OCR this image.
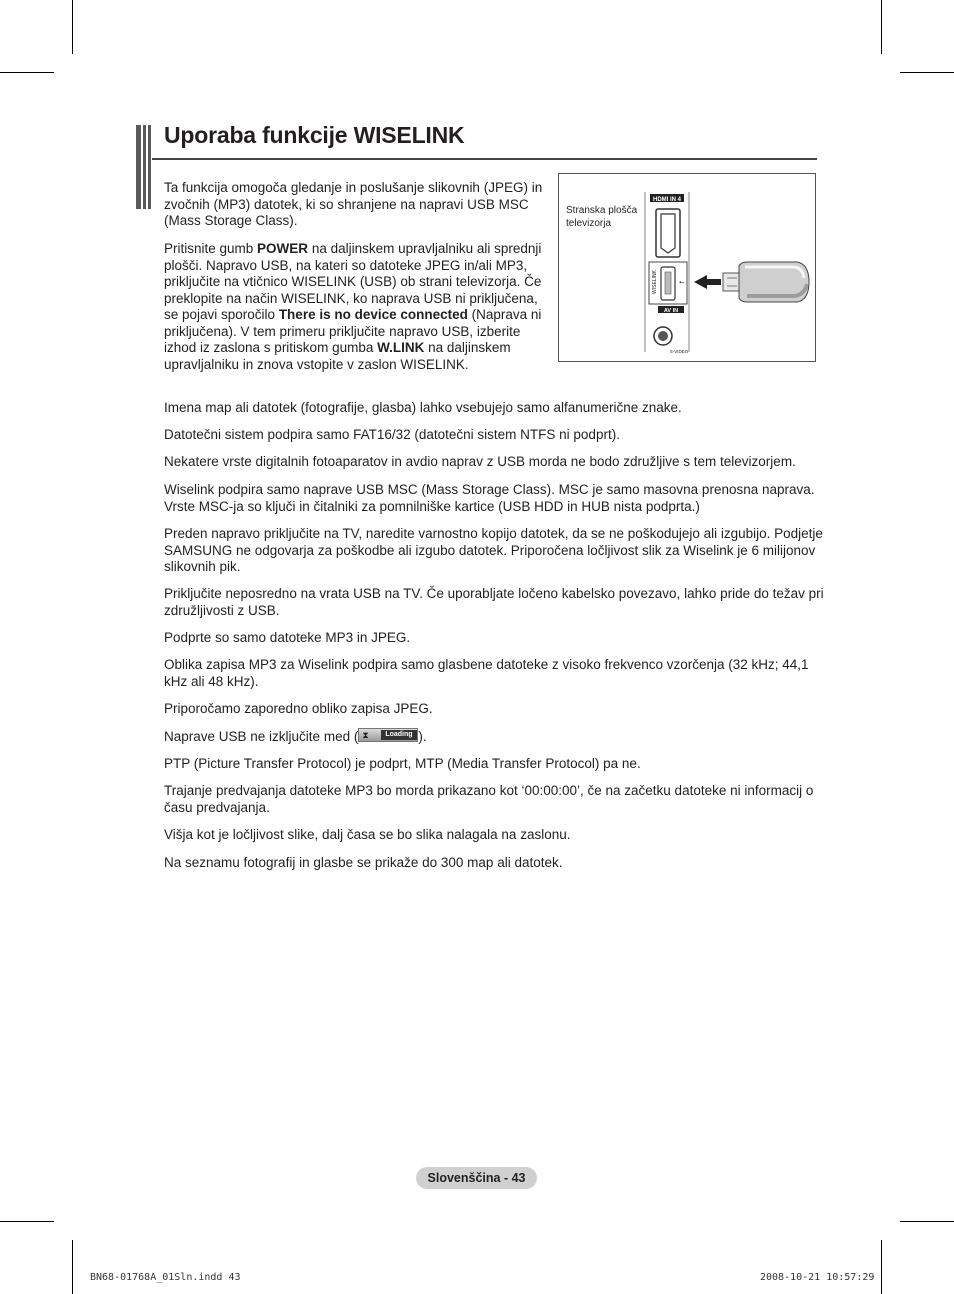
Uporaba funkcije WISELINK

Ta funkcija omogoča gledanje in poslušanje slikovnih (JPEG) in zvočnih (MP3) datotek, ki so shranjene na napravi USB MSC (Mass Storage Class).

Pritisnite gumb POWER na daljinskem upravljalniku ali sprednji plošči. Napravo USB, na kateri so datoteke JPEG in/ali MP3, priključite na vtičnico WISELINK (USB) ob strani televizorja. Če preklopite na način WISELINK, ko naprava USB ni priključena, se pojavi sporočilo There is no device connected (Naprava ni priključena). V tem primeru priključite napravo USB, izberite izhod iz zaslona s pritiskom gumba W.LINK na daljinskem upravljalniku in znova vstopite v zaslon WISELINK.

Stranska plošča televizorja
HDMI IN 4
WISELINK	⭠
AV IN
S-VIDEO

Imena map ali datotek (fotografije, glasba) lahko vsebujejo samo alfanumerične znake.

Datotečni sistem podpira samo FAT16/32 (datotečni sistem NTFS ni podprt).

Nekatere vrste digitalnih fotoaparatov in avdio naprav z USB morda ne bodo združljive s tem televizorjem.

Wiselink podpira samo naprave USB MSC (Mass Storage Class). MSC je samo masovna prenosna naprava. Vrste MSC-ja so ključi in čitalniki za pomnilniške kartice (USB HDD in HUB nista podprta.)

Preden napravo priključite na TV, naredite varnostno kopijo datotek, da se ne poškodujejo ali izgubijo. Podjetje SAMSUNG ne odgovarja za poškodbe ali izgubo datotek. Priporočena ločljivost slik za Wiselink je 6 milijonov slikovnih pik.

Priključite neposredno na vrata USB na TV. Če uporabljate ločeno kabelsko povezavo, lahko pride do težav pri združljivosti z USB.

Podprte so samo datoteke MP3 in JPEG.

Oblika zapisa MP3 za Wiselink podpira samo glasbene datoteke z visoko frekvenco vzorčenja (32 kHz; 44,1 kHz ali 48 kHz).

Priporočamo zaporedno obliko zapisa JPEG.

Naprave USB ne izključite med ( ⧗	Loading ).

PTP (Picture Transfer Protocol) je podprt, MTP (Media Transfer Protocol) pa ne.

Trajanje predvajanja datoteke MP3 bo morda prikazano kot ‘00:00:00’, če na začetku datoteke ni informacij o času predvajanja.

Višja kot je ločljivost slike, dalj časa se bo slika nalagala na zaslonu.

Na seznamu fotografij in glasbe se prikaže do 300 map ali datotek.

Slovenščina - 43
BN68-01768A_01Sln.indd 43	2008-10-21 10:57:29
